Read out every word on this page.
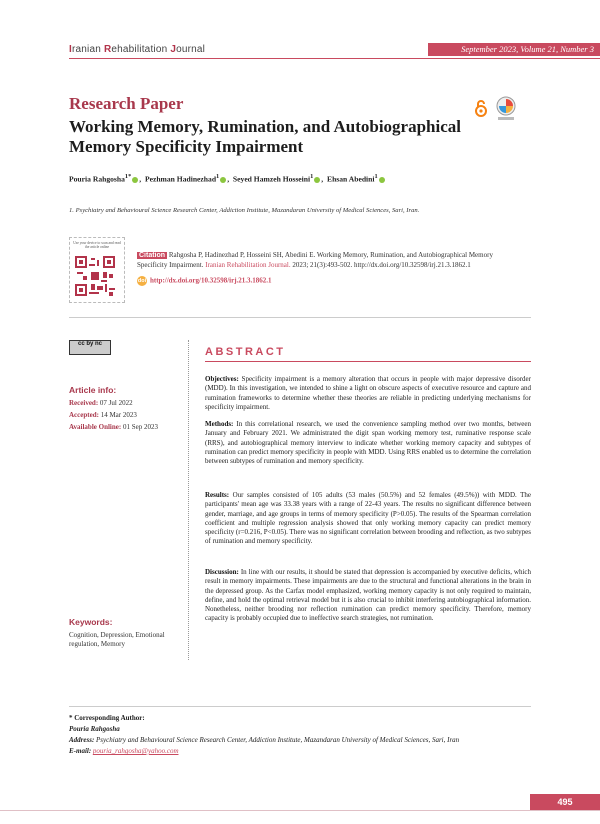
Iranian Rehabilitation Journal	September 2023, Volume 21, Number 3
Research Paper
Working Memory, Rumination, and Autobiographical Memory Specificity Impairment
Pouria Rahgosha$^{1*}$ ,  Pezhman Hadinezhad$^1$ ,  Seyed Hamzeh Hosseini$^1$ ,  Ehsan Abedini$^1$
1. Psychiatry and Behavioural Science Research Center, Addiction Institute, Mazandaran University of Medical Sciences, Sari, Iran.
Use your device to scan and read the article online
Citation Rahgosha P, Hadinezhad P, Hosseini SH, Abedini E. Working Memory, Rumination, and Autobiographical Memory Specificity Impairment. Iranian Rehabilitation Journal. 2023; 21(3):493-502. http://dx.doi.org/10.32598/irj.21.3.1862.1
doi http://dx.doi.org/10.32598/irj.21.3.1862.1
cc by nc
Article info:
Received: 07 Jul 2022
Accepted: 14 Mar 2023
Available Online: 01 Sep 2023
Keywords:
Cognition, Depression, Emotional regulation, Memory
ABSTRACT
Objectives: Specificity impairment is a memory alteration that occurs in people with major depressive disorder (MDD). In this investigation, we intended to shine a light on obscure aspects of executive resource and capture and rumination frameworks to determine whether these theories are reliable in predicting underlying mechanisms for specificity impairment.
Methods: In this correlational research, we used the convenience sampling method over two months, between January and February 2021. We administrated the digit span working memory test, ruminative response scale (RRS), and autobiographical memory interview to indicate whether working memory capacity and subtypes of rumination can predict memory specificity in people with MDD. Using RRS enabled us to determine the correlation between subtypes of rumination and memory specificity.
Results: Our samples consisted of 105 adults (53 males (50.5%) and 52 females (49.5%)) with MDD. The participants' mean age was 33.38 years with a range of 22-43 years. The results no significant difference between gender, marriage, and age groups in terms of memory specificity (P>0.05). The results of the Spearman correlation coefficient and multiple regression analysis showed that only working memory capacity can predict memory specificity (r=0.216, P<0.05). There was no significant correlation between brooding and reflection, as two subtypes of rumination and memory specificity.
Discussion: In line with our results, it should be stated that depression is accompanied by executive deficits, which result in memory impairments. These impairments are due to the structural and functional alterations in the brain in the depressed group. As the Carfax model emphasized, working memory capacity is not only required to maintain, define, and hold the optimal retrieval model but it is also crucial to inhibit interfering autobiographical information. Nonetheless, neither brooding nor reflection rumination can predict memory specificity. Therefore, memory capacity is probably occupied due to ineffective search strategies, not rumination.
* Corresponding Author:
Pouria Rahgosha
Address: Psychiatry and Behavioural Science Research Center, Addiction Institute, Mazandaran University of Medical Sciences, Sari, Iran
E-mail: pouria_rahgosha@yahoo.com
495
